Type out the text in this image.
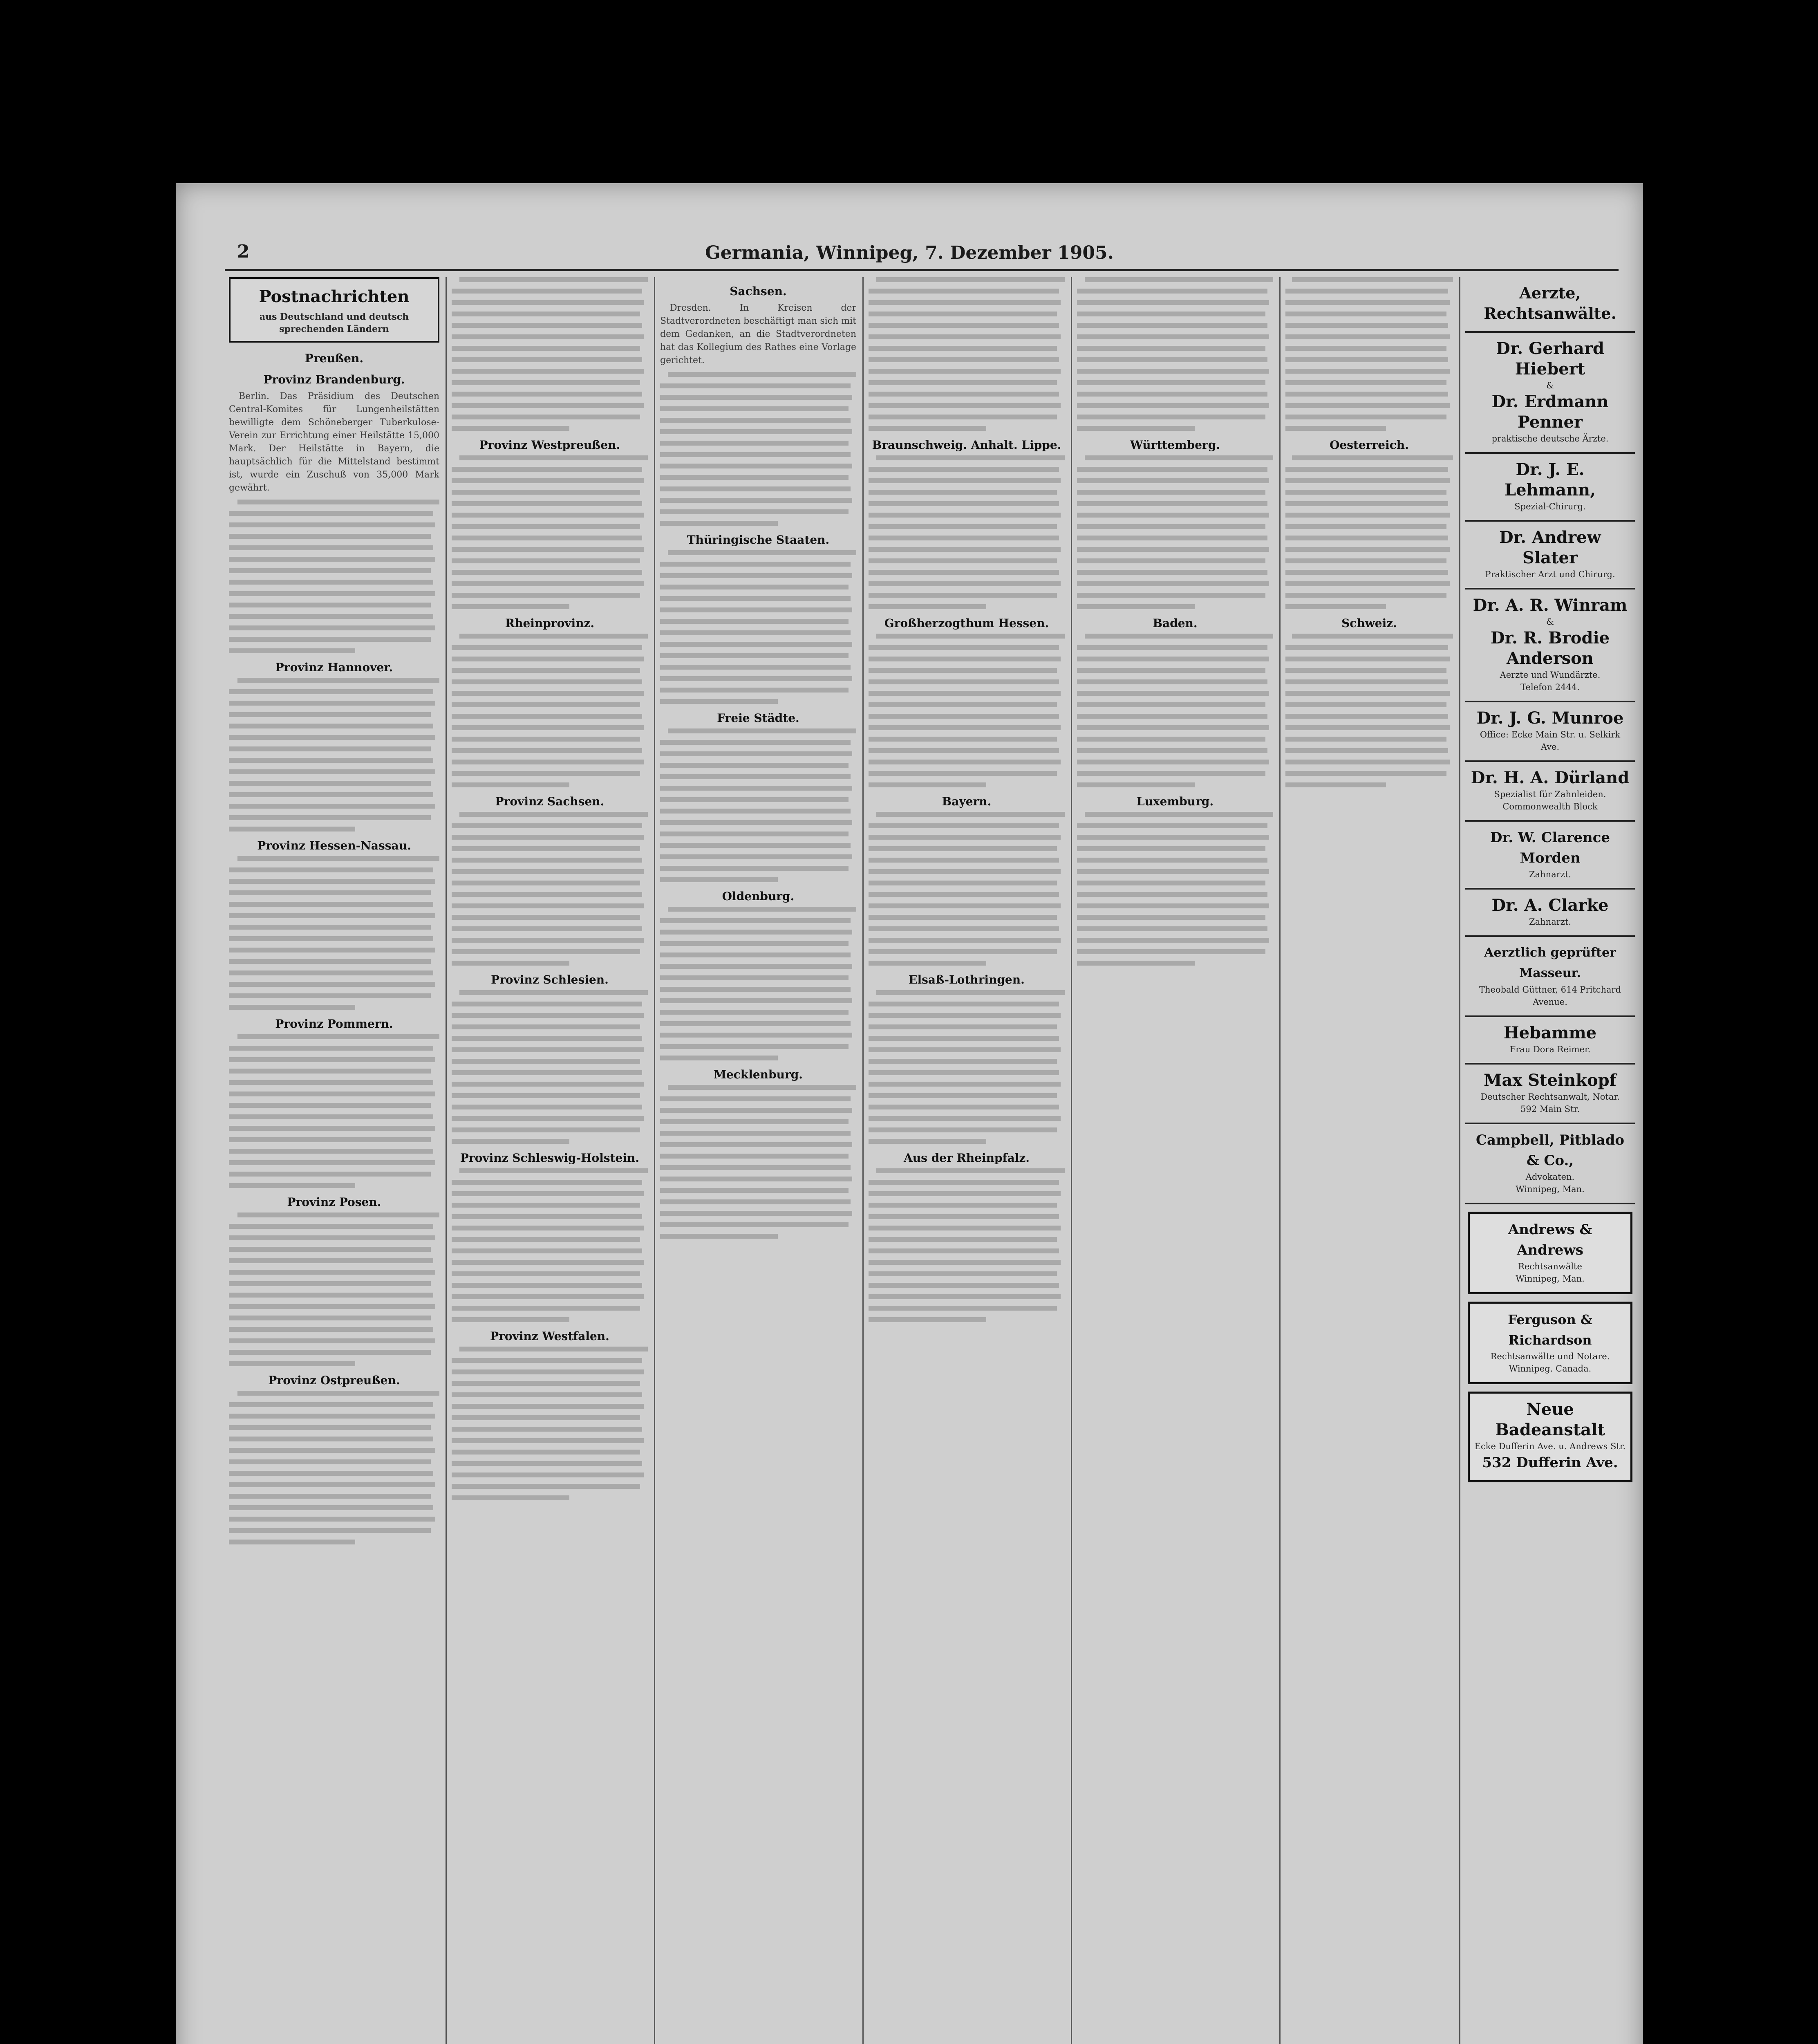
2	Germania, Winnipeg, 7. Dezember 1905.
Postnachrichten
aus Deutschland und deutsch sprechenden Ländern
Preußen.
Provinz Brandenburg.

Berlin. Das Präsidium des Deutschen Central-Komites für Lungenheilstätten bewilligte dem Schöneberger Tuberkulose-Verein zur Errichtung einer Heilstätte 15,000 Mark. Der Heilstätte in Bayern, die hauptsächlich für die Mittelstand bestimmt ist, wurde ein Zuschuß von 35,000 Mark gewährt.

Provinz Hannover.
Provinz Hessen-Nassau.
Provinz Pommern.
Provinz Posen.
Provinz Ostpreußen.
Provinz Westpreußen.
Rheinprovinz.
Provinz Sachsen.
Provinz Schlesien.
Provinz Schleswig-Holstein.
Provinz Westfalen.
Sachsen.

Dresden. In Kreisen der Stadtverordneten beschäftigt man sich mit dem Gedanken, an die Stadtverordneten hat das Kollegium des Rathes eine Vorlage gerichtet.

Thüringische Staaten.
Freie Städte.
Oldenburg.
Mecklenburg.
Braunschweig. Anhalt. Lippe.
Großherzogthum Hessen.
Bayern.
Elsaß-Lothringen.
Aus der Rheinpfalz.
Württemberg.
Baden.
Luxemburg.
Oesterreich.
Schweiz.
Aerzte, Rechtsanwälte.
Dr. Gerhard Hiebert
&
Dr. Erdmann Penner
praktische deutsche Ärzte.
Dr. J. E. Lehmann,
Spezial-Chirurg.
Dr. Andrew Slater
Praktischer Arzt und Chirurg.
Dr. A. R. Winram
&
Dr. R. Brodie Anderson
Aerzte und Wundärzte.
Telefon 2444.
Dr. J. G. Munroe
Office: Ecke Main Str. u. Selkirk Ave.
Dr. H. A. Dürland
Spezialist für Zahnleiden.
Commonwealth Block
Dr. W. Clarence Morden
Zahnarzt.
Dr. A. Clarke
Zahnarzt.
Aerztlich geprüfter Masseur.
Theobald Güttner, 614 Pritchard Avenue.
Hebamme
Frau Dora Reimer.
Max Steinkopf
Deutscher Rechtsanwalt, Notar.
592 Main Str.
Campbell, Pitblado & Co.,
Advokaten.
Winnipeg, Man.
Andrews & Andrews
Rechtsanwälte
Winnipeg, Man.
Ferguson & Richardson
Rechtsanwälte und Notare.
Winnipeg. Canada.
Neue Badeanstalt
Ecke Dufferin Ave. u. Andrews Str.
532 Dufferin Ave.
